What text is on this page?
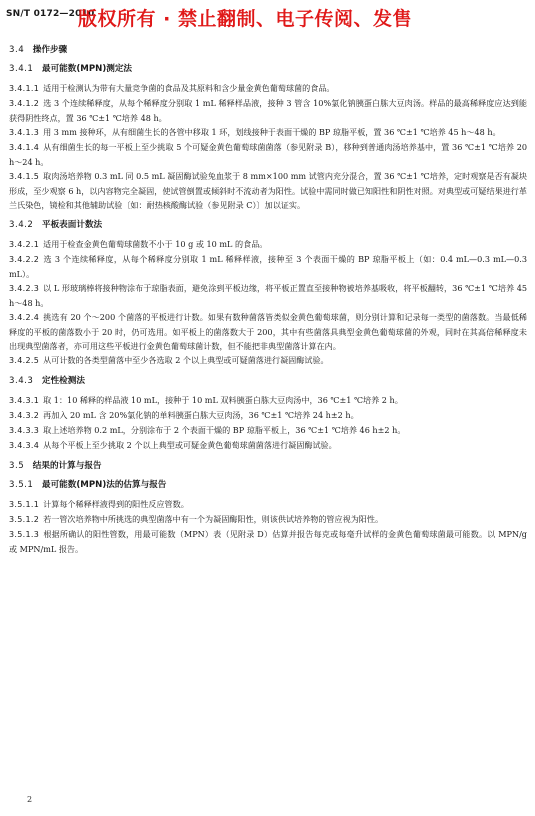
SN/T 0172—2010
版权所有 · 禁止翻制、电子传阅、发售
3.4  操作步骤
3.4.1  最可能数(MPN)测定法
3.4.1.1  适用于检测认为带有大量竞争菌的食品及其原料和含少量金黄色葡萄球菌的食品。
3.4.1.2  选 3 个连续稀释度，从每个稀释度分别取 1 mL 稀释样品液，接种 3 管含 10%氯化钠胰蛋白胨大豆肉汤。样品的最高稀释度应达到能获得阴性终点，置 36 ℃±1 ℃培养 48 h。
3.4.1.3  用 3 mm 接种环，从有细菌生长的各管中移取 1 环，划线接种于表面干燥的 BP 琼脂平板，置 36 ℃±1 ℃培养 45 h～48 h。
3.4.1.4  从有细菌生长的每一平板上至少挑取 5 个可疑金黄色葡萄球菌菌落（参见附录 B），移种到普通肉汤培养基中，置 36 ℃±1 ℃培养 20 h～24 h。
3.4.1.5  取肉汤培养物 0.3 mL 同 0.5 mL 凝固酶试验兔血浆于 8 mm×100 mm 试管内充分混合，置 36 ℃±1 ℃培养，定时观察是否有凝块形成，至少观察 6 h，以内容物完全凝固，使试管倒置或倾斜时不流动者为阳性。试验中需同时做已知阳性和阴性对照。对典型或可疑结果进行革兰氏染色，镜检和其他辅助试验〔如：耐热核酸酶试验（参见附录 C）〕加以证实。
3.4.2  平板表面计数法
3.4.2.1  适用于检查金黄色葡萄球菌数不小于 10 g 或 10 mL 的食品。
3.4.2.2  选 3 个连续稀释度，从每个稀释度分别取 1 mL 稀释样液，接种至 3 个表面干燥的 BP 琼脂平板上（如：0.4 mL—0.3 mL—0.3 mL）。
3.4.2.3  以 L 形玻璃棒将接种物涂布于琼脂表面，避免涂到平板边缘，将平板正置直至接种物被培养基吸收，将平板翻转，36 ℃±1 ℃培养 45 h～48 h。
3.4.2.4  挑选有 20 个～200 个菌落的平板进行计数。如果有数种菌落皆类似金黄色葡萄球菌，则分别计算和记录每一类型的菌落数。当最低稀释度的平板的菌落数小于 20 时，仍可选用。如平板上的菌落数大于 200，其中有些菌落具典型金黄色葡萄球菌的外观，同时在其高倍稀释度未出现典型菌落者，亦可用这些平板进行金黄色葡萄球菌计数，但不能把非典型菌落计算在内。
3.4.2.5  从可计数的各类型菌落中至少各选取 2 个以上典型或可疑菌落进行凝固酶试验。
3.4.3  定性检测法
3.4.3.1  取 1：10 稀释的样品液 10 mL，接种于 10 mL 双料胰蛋白胨大豆肉汤中，36 ℃±1 ℃培养 2 h。
3.4.3.2  再加入 20 mL 含 20%氯化钠的单料胰蛋白胨大豆肉汤，36 ℃±1 ℃培养 24 h±2 h。
3.4.3.3  取上述培养物 0.2 mL，分别涂布于 2 个表面干燥的 BP 琼脂平板上，36 ℃±1 ℃培养 46 h±2 h。
3.4.3.4  从每个平板上至少挑取 2 个以上典型或可疑金黄色葡萄球菌菌落进行凝固酶试验。
3.5  结果的计算与报告
3.5.1  最可能数(MPN)法的估算与报告
3.5.1.1  计算每个稀释样液得到的阳性反应管数。
3.5.1.2  若一管次培养物中所挑选的典型菌落中有一个为凝固酶阳性，则该供试培养物的管应视为阳性。
3.5.1.3  根据所确认的阳性管数，用最可能数（MPN）表（见附录 D）估算并报告每克或每毫升试样的金黄色葡萄球菌最可能数。以 MPN/g 或 MPN/mL 报告。
2
